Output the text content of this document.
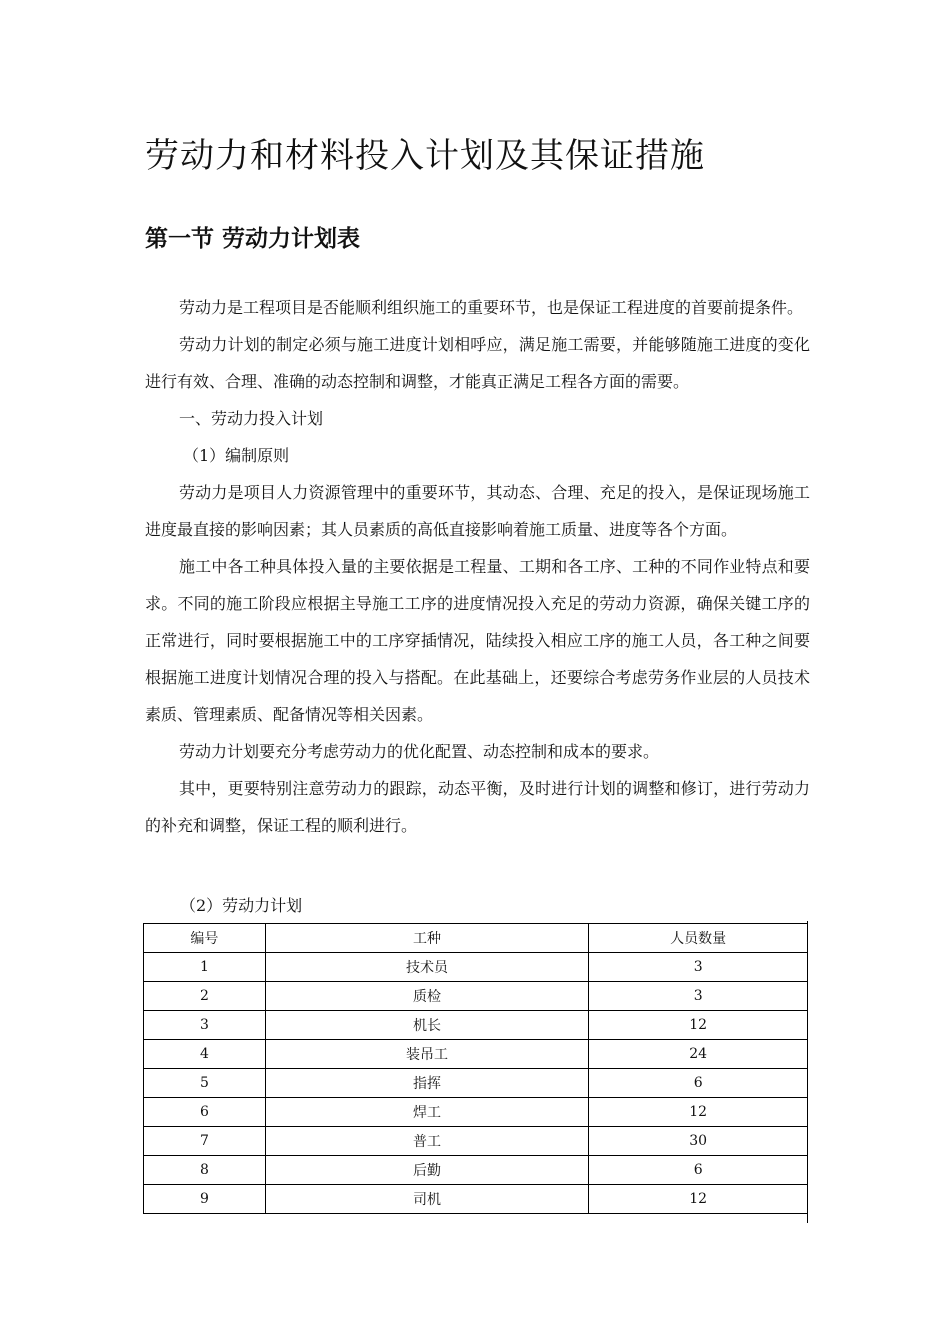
劳动力和材料投入计划及其保证措施
第一节 劳动力计划表

劳动力是工程项目是否能顺利组织施工的重要环节，也是保证工程进度的首要前提条件。

劳动力计划的制定必须与施工进度计划相呼应，满足施工需要，并能够随施工进度的变化进行有效、合理、准确的动态控制和调整，才能真正满足工程各方面的需要。

一、劳动力投入计划

（1）编制原则

劳动力是项目人力资源管理中的重要环节，其动态、合理、充足的投入，是保证现场施工进度最直接的影响因素；其人员素质的高低直接影响着施工质量、进度等各个方面。

施工中各工种具体投入量的主要依据是工程量、工期和各工序、工种的不同作业特点和要求。不同的施工阶段应根据主导施工工序的进度情况投入充足的劳动力资源，确保关键工序的正常进行，同时要根据施工中的工序穿插情况，陆续投入相应工序的施工人员，各工种之间要根据施工进度计划情况合理的投入与搭配。在此基础上，还要综合考虑劳务作业层的人员技术素质、管理素质、配备情况等相关因素。

劳动力计划要充分考虑劳动力的优化配置、动态控制和成本的要求。

其中，更要特别注意劳动力的跟踪，动态平衡，及时进行计划的调整和修订，进行劳动力的补充和调整，保证工程的顺利进行。

（2）劳动力计划
编号	工种	人员数量
1	技术员	3
2	质检	3
3	机长	12
4	装吊工	24
5	指挥	6
6	焊工	12
7	普工	30
8	后勤	6
9	司机	12
